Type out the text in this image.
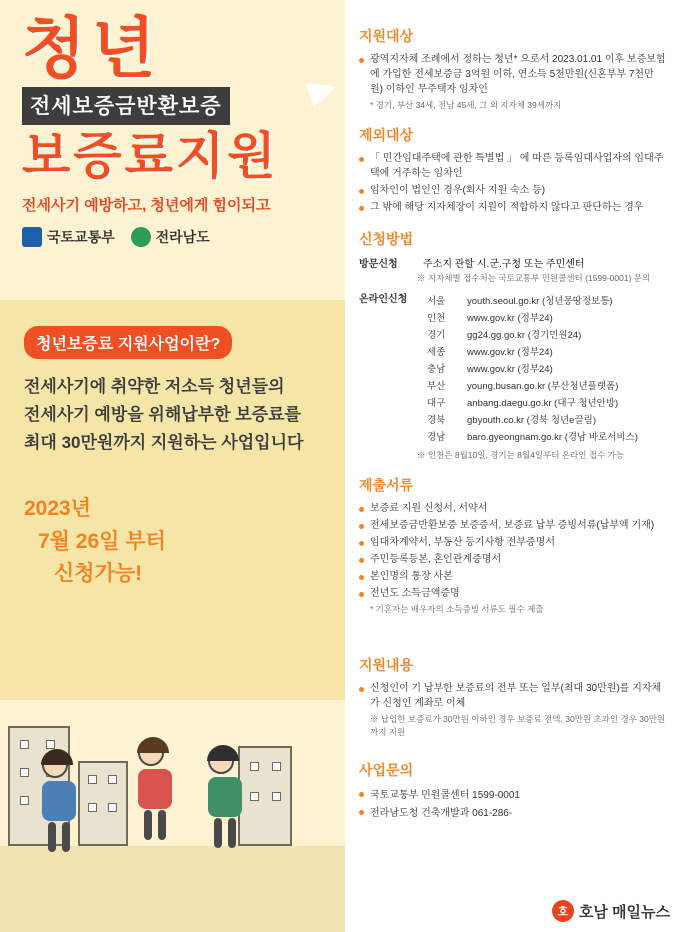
청년
전세보증금반환보증
보증료지원
전세사기 예방하고, 청년에게 힘이되고
국토교통부	전라남도
청년보증료 지원사업이란?
전세사기에 취약한 저소득 청년들의
전세사기 예방을 위해납부한 보증료를
최대 30만원까지 지원하는 사업입니다
2023년
7월 26일 부터
신청가능!
지원대상
광역지자체 조례에서 정하는 청년* 으로서 2023.01.01 이후 보증보험에 가입한 전세보증금 3억원 이하, 연소득 5천만원(신혼부부 7천만원) 이하인 무주택자 임차인
* 경기, 부산 34세, 전남 45세, 그 외 지자체 39세까지
제외대상
「 민간임대주택에 관한 특별법 」 에 따른 등록임대사업자의 임대주택에 거주하는 임차인
임차인이 법인인 경우(회사 지원 숙소 등)
그 밖에 해당 지자체장이 지원이 적합하지 않다고 판단하는 경우
신청방법
방문신청	주소지 관할 시.군.구청 또는 주민센터
※ 지자체별 접수처는 국토교통부 민원콜센터 (1599-0001) 문의
온라인신청	서울	youth.seoul.go.kr (청년몽땅정보통)
인천	www.gov.kr (정부24)
경기	gg24.gg.go.kr (경기민원24)
세종	www.gov.kr (정부24)
충남	www.gov.kr (정부24)
부산	young.busan.go.kr (부산청년플랫폼)
대구	anbang.daegu.go.kr (대구 청년안방)
경북	gbyouth.co.kr (경북 청년e끌림)
경남	baro.gyeongnam.go.kr (경남 바로서비스)
※ 인천은 8월10일, 경기는 8월4일부터 온라인 접수 가능
제출서류
보증료 지원 신청서, 서약서
전세보증금반환보증 보증증서, 보증료 납부 증빙서류(납부액 기재)
임대차계약서, 부동산 등기사항 전부증명서
주민등록등본, 혼인관계증명서
본인명의 통장 사본
전년도 소득금액증명
* 기혼자는 배우자의 소득증빙 서류도 필수 제출
지원내용
신청인이 기 납부한 보증료의 전부 또는 일부(최대 30만원)를 지자체가 신청인 계좌로 이체
※ 납입한 보증료가 30만원 이하인 경우 보증료 전액, 30만원 초과인 경우 30만원까지 지원
사업문의
국토교통부 민원콜센터 1599-0001
전라남도청 건축개발과 061-286-
호 호남 매일뉴스
